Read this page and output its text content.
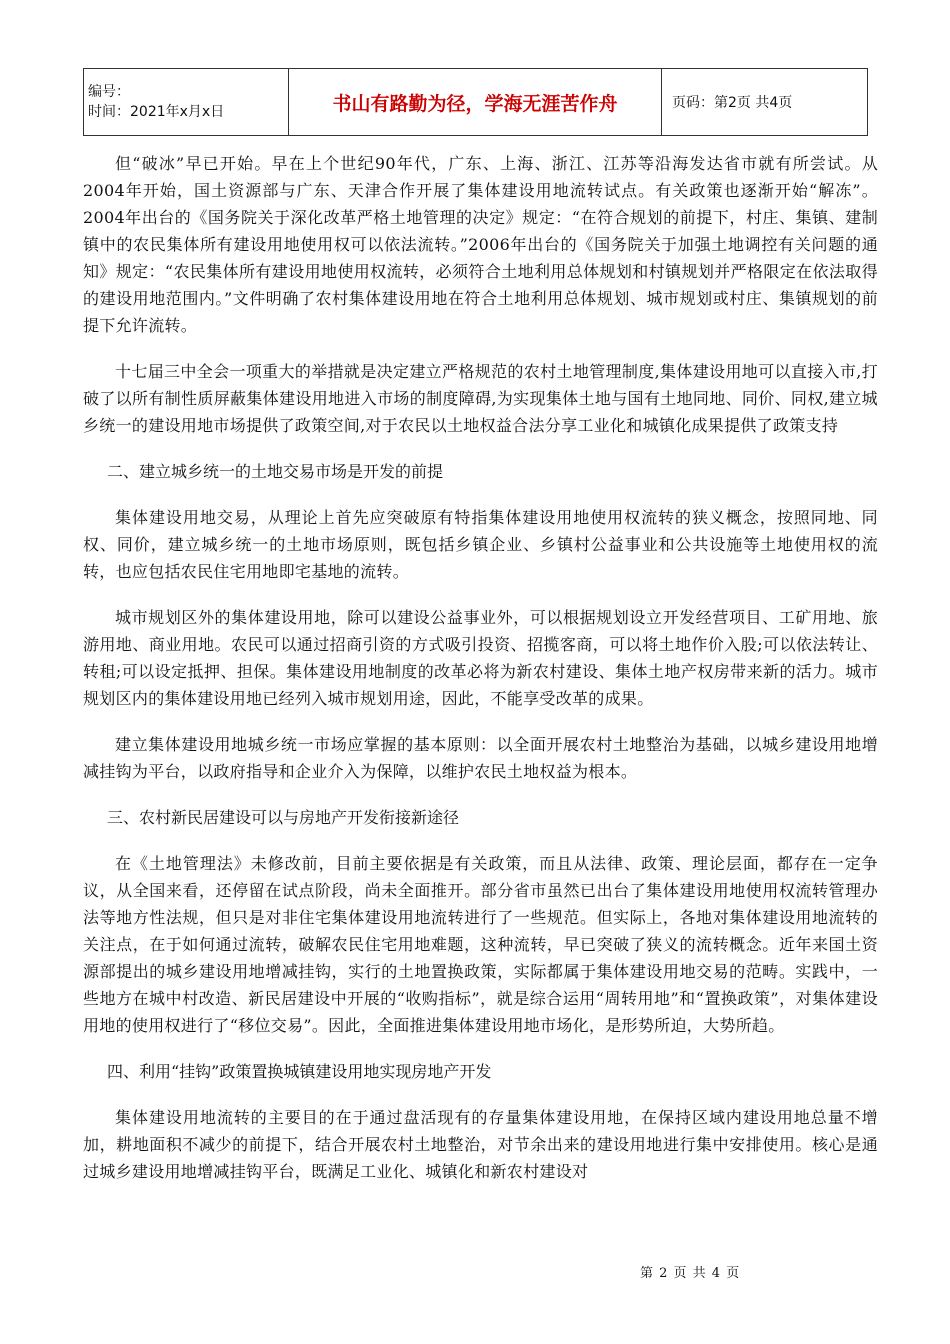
编号：
时间：2021年x月x日	书山有路勤为径，学海无涯苦作舟	页码：第2页 共4页

但“破冰”早已开始。早在上个世纪90年代，广东、上海、浙江、江苏等沿海发达省市就有所尝试。从2004年开始，国土资源部与广东、天津合作开展了集体建设用地流转试点。有关政策也逐渐开始“解冻”。2004年出台的《国务院关于深化改革严格土地管理的决定》规定：“在符合规划的前提下，村庄、集镇、建制镇中的农民集体所有建设用地使用权可以依法流转。”2006年出台的《国务院关于加强土地调控有关问题的通知》规定：“农民集体所有建设用地使用权流转，必须符合土地利用总体规划和村镇规划并严格限定在依法取得的建设用地范围内。”文件明确了农村集体建设用地在符合土地利用总体规划、城市规划或村庄、集镇规划的前提下允许流转。

十七届三中全会一项重大的举措就是决定建立严格规范的农村土地管理制度,集体建设用地可以直接入市,打破了以所有制性质屏蔽集体建设用地进入市场的制度障碍,为实现集体土地与国有土地同地、同价、同权,建立城乡统一的建设用地市场提供了政策空间,对于农民以土地权益合法分享工业化和城镇化成果提供了政策支持

二、建立城乡统一的土地交易市场是开发的前提

集体建设用地交易，从理论上首先应突破原有特指集体建设用地使用权流转的狭义概念，按照同地、同权、同价，建立城乡统一的土地市场原则，既包括乡镇企业、乡镇村公益事业和公共设施等土地使用权的流转，也应包括农民住宅用地即宅基地的流转。

城市规划区外的集体建设用地，除可以建设公益事业外，可以根据规划设立开发经营项目、工矿用地、旅游用地、商业用地。农民可以通过招商引资的方式吸引投资、招揽客商，可以将土地作价入股;可以依法转让、转租;可以设定抵押、担保。集体建设用地制度的改革必将为新农村建设、集体土地产权房带来新的活力。城市规划区内的集体建设用地已经列入城市规划用途，因此，不能享受改革的成果。

建立集体建设用地城乡统一市场应掌握的基本原则：以全面开展农村土地整治为基础，以城乡建设用地增减挂钩为平台，以政府指导和企业介入为保障，以维护农民土地权益为根本。

三、农村新民居建设可以与房地产开发衔接新途径

在《土地管理法》未修改前，目前主要依据是有关政策，而且从法律、政策、理论层面，都存在一定争议，从全国来看，还停留在试点阶段，尚未全面推开。部分省市虽然已出台了集体建设用地使用权流转管理办法等地方性法规，但只是对非住宅集体建设用地流转进行了一些规范。但实际上，各地对集体建设用地流转的关注点，在于如何通过流转，破解农民住宅用地难题，这种流转，早已突破了狭义的流转概念。近年来国土资源部提出的城乡建设用地增减挂钩，实行的土地置换政策，实际都属于集体建设用地交易的范畴。实践中，一些地方在城中村改造、新民居建设中开展的“收购指标”，就是综合运用“周转用地”和“置换政策”，对集体建设用地的使用权进行了“移位交易”。因此，全面推进集体建设用地市场化，是形势所迫，大势所趋。

四、利用“挂钩”政策置换城镇建设用地实现房地产开发

集体建设用地流转的主要目的在于通过盘活现有的存量集体建设用地，在保持区域内建设用地总量不增加，耕地面积不减少的前提下，结合开展农村土地整治，对节余出来的建设用地进行集中安排使用。核心是通过城乡建设用地增减挂钩平台，既满足工业化、城镇化和新农村建设对

第 2 页 共 4 页
